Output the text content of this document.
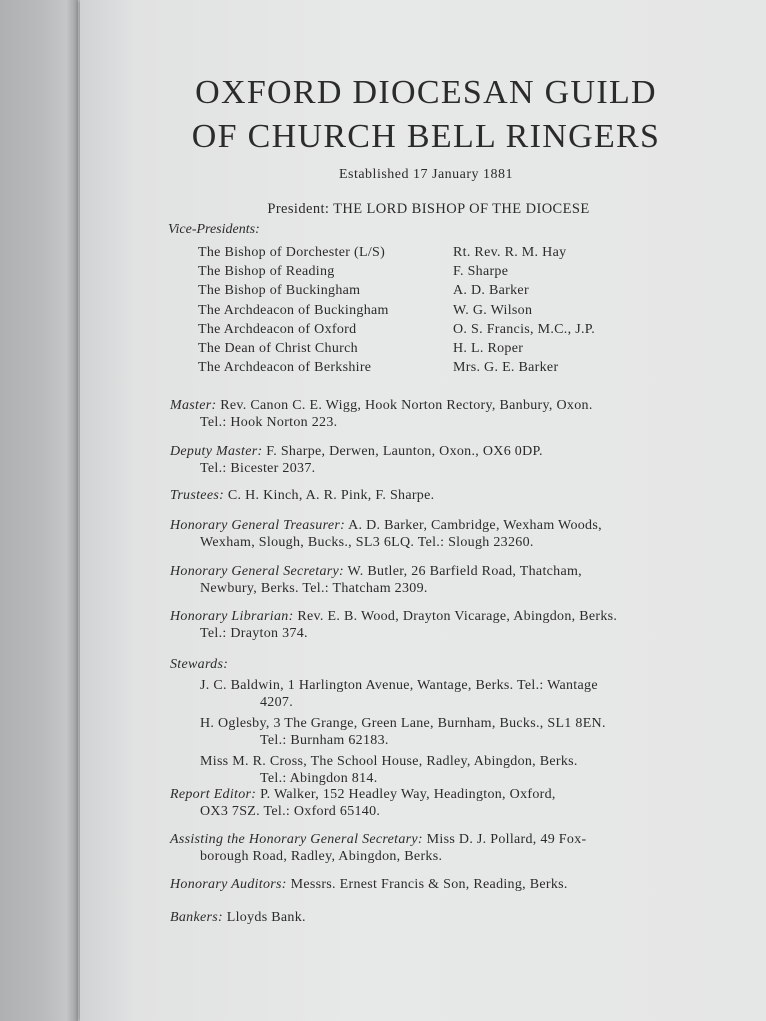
OXFORD DIOCESAN GUILD
OF CHURCH BELL RINGERS
Established 17 January 1881
President: THE LORD BISHOP OF THE DIOCESE
Vice-Presidents:
The Bishop of Dorchester (L/S)	Rt. Rev. R. M. Hay
The Bishop of Reading	F. Sharpe
The Bishop of Buckingham	A. D. Barker
The Archdeacon of Buckingham	W. G. Wilson
The Archdeacon of Oxford	O. S. Francis, M.C., J.P.
The Dean of Christ Church	H. L. Roper
The Archdeacon of Berkshire	Mrs. G. E. Barker
Master: Rev. Canon C. E. Wigg, Hook Norton Rectory, Banbury, Oxon.
Tel.: Hook Norton 223.
Deputy Master: F. Sharpe, Derwen, Launton, Oxon., OX6 0DP.
Tel.: Bicester 2037.
Trustees: C. H. Kinch, A. R. Pink, F. Sharpe.
Honorary General Treasurer: A. D. Barker, Cambridge, Wexham Woods,
Wexham, Slough, Bucks., SL3 6LQ. Tel.: Slough 23260.
Honorary General Secretary: W. Butler, 26 Barfield Road, Thatcham,
Newbury, Berks. Tel.: Thatcham 2309.
Honorary Librarian: Rev. E. B. Wood, Drayton Vicarage, Abingdon, Berks.
Tel.: Drayton 374.
Stewards:
J. C. Baldwin, 1 Harlington Avenue, Wantage, Berks. Tel.: Wantage
4207.
H. Oglesby, 3 The Grange, Green Lane, Burnham, Bucks., SL1 8EN.
Tel.: Burnham 62183.
Miss M. R. Cross, The School House, Radley, Abingdon, Berks.
Tel.: Abingdon 814.
Report Editor: P. Walker, 152 Headley Way, Headington, Oxford,
OX3 7SZ. Tel.: Oxford 65140.
Assisting the Honorary General Secretary: Miss D. J. Pollard, 49 Fox-
borough Road, Radley, Abingdon, Berks.
Honorary Auditors: Messrs. Ernest Francis & Son, Reading, Berks.
Bankers: Lloyds Bank.
